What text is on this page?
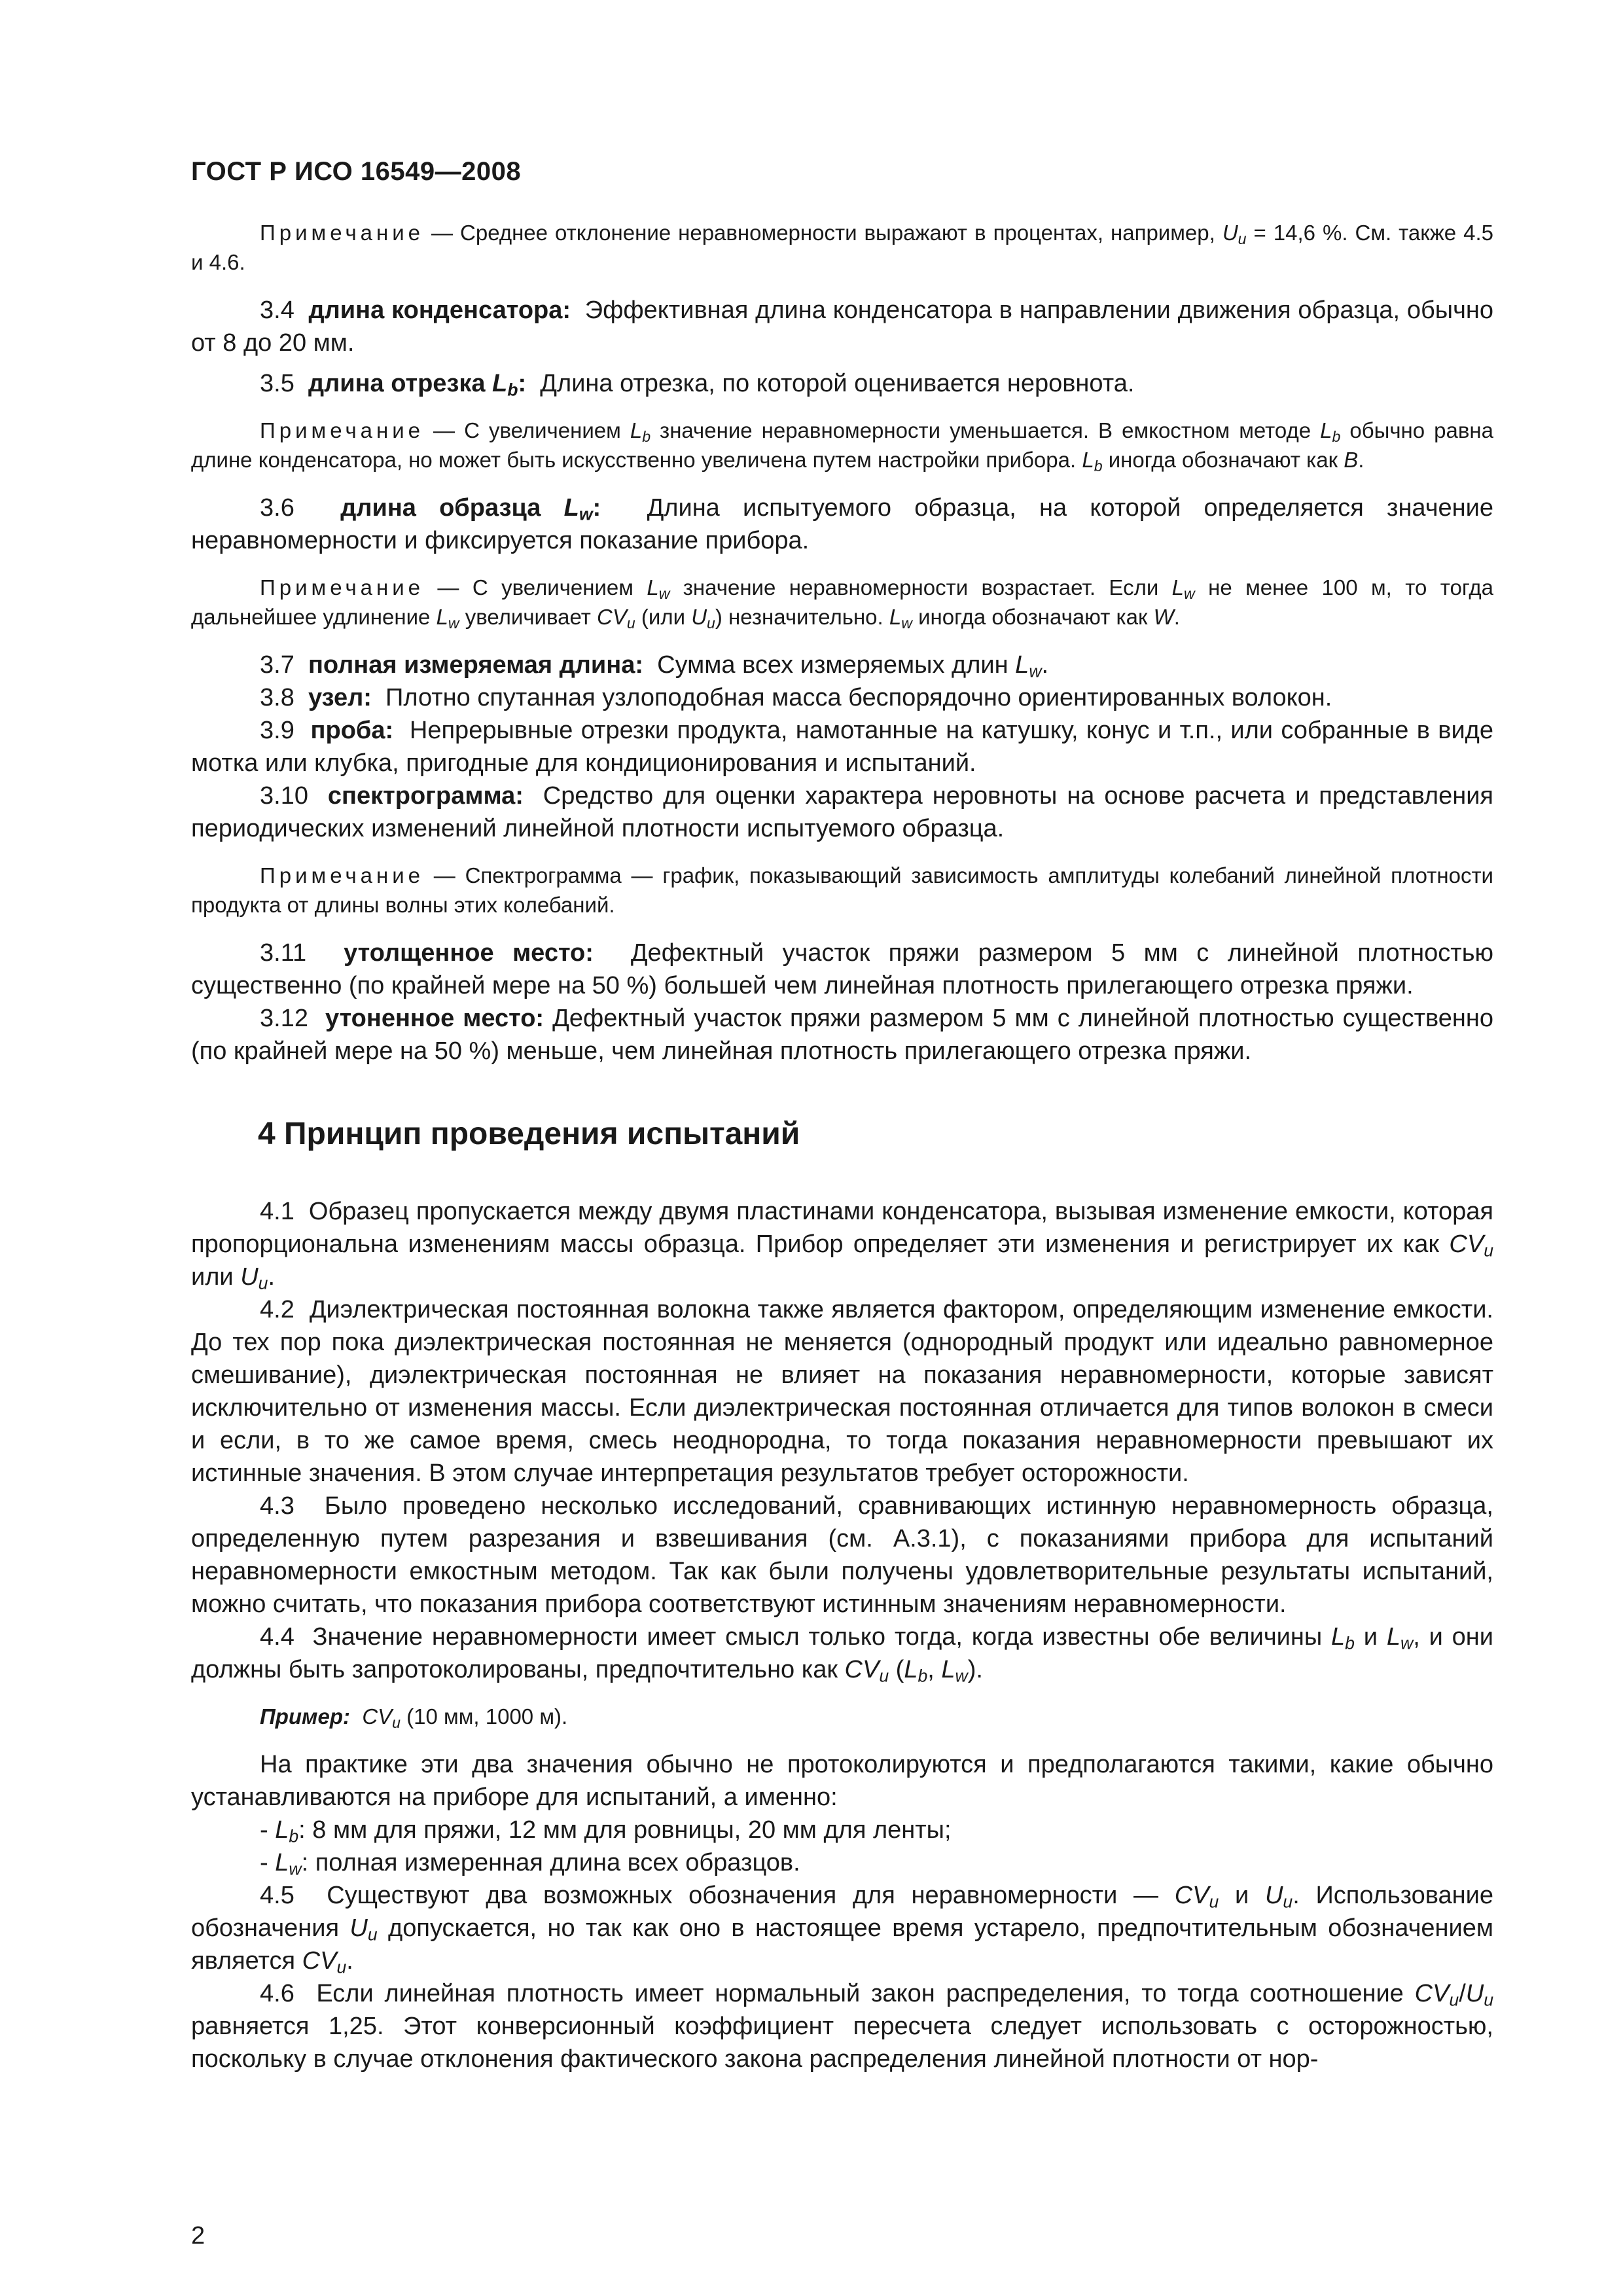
ГОСТ Р ИСО 16549—2008

Примечание — Среднее отклонение неравномерности выражают в процентах, например, $U_u = 14,6$ %. См. также 4.5 и 4.6.

3.4 длина конденсатора: Эффективная длина конденсатора в направлении движения образца, обычно от 8 до 20 мм.

3.5 длина отрезка $L_b$: Длина отрезка, по которой оценивается неровнота.

Примечание — С увеличением $L_b$ значение неравномерности уменьшается. В емкостном методе $L_b$ обычно равна длине конденсатора, но может быть искусственно увеличена путем настройки прибора. $L_b$ иногда обозначают как B.

3.6 длина образца $L_w$: Длина испытуемого образца, на которой определяется значение неравномерности и фиксируется показание прибора.

Примечание — С увеличением $L_w$ значение неравномерности возрастает. Если $L_w$ не менее 100 м, то тогда дальнейшее удлинение $L_w$ увеличивает $CV_u$ (или $U_u$) незначительно. $L_w$ иногда обозначают как W.

3.7 полная измеряемая длина: Сумма всех измеряемых длин $L_w$.

3.8 узел: Плотно спутанная узлоподобная масса беспорядочно ориентированных волокон.

3.9 проба: Непрерывные отрезки продукта, намотанные на катушку, конус и т.п., или собранные в виде мотка или клубка, пригодные для кондиционирования и испытаний.

3.10 спектрограмма: Средство для оценки характера неровноты на основе расчета и представления периодических изменений линейной плотности испытуемого образца.

Примечание — Спектрограмма — график, показывающий зависимость амплитуды колебаний линейной плотности продукта от длины волны этих колебаний.

3.11 утолщенное место: Дефектный участок пряжи размером 5 мм с линейной плотностью существенно (по крайней мере на 50 %) большей чем линейная плотность прилегающего отрезка пряжи.

3.12 утоненное место: Дефектный участок пряжи размером 5 мм с линейной плотностью существенно (по крайней мере на 50 %) меньше, чем линейная плотность прилегающего отрезка пряжи.

4 Принцип проведения испытаний

4.1 Образец пропускается между двумя пластинами конденсатора, вызывая изменение емкости, которая пропорциональна изменениям массы образца. Прибор определяет эти изменения и регистрирует их как $CV_u$ или $U_u$.

4.2 Диэлектрическая постоянная волокна также является фактором, определяющим изменение емкости. До тех пор пока диэлектрическая постоянная не меняется (однородный продукт или идеально равномерное смешивание), диэлектрическая постоянная не влияет на показания неравномерности, которые зависят исключительно от изменения массы. Если диэлектрическая постоянная отличается для типов волокон в смеси и если, в то же самое время, смесь неоднородна, то тогда показания неравномерности превышают их истинные значения. В этом случае интерпретация результатов требует осторожности.

4.3 Было проведено несколько исследований, сравнивающих истинную неравномерность образца, определенную путем разрезания и взвешивания (см. А.3.1), с показаниями прибора для испытаний неравномерности емкостным методом. Так как были получены удовлетворительные результаты испытаний, можно считать, что показания прибора соответствуют истинным значениям неравномерности.

4.4 Значение неравномерности имеет смысл только тогда, когда известны обе величины $L_b$ и $L_w$, и они должны быть запротоколированы, предпочтительно как $CV_u$ ($L_b$, $L_w$).

Пример: $CV_u$ (10 мм, 1000 м).

На практике эти два значения обычно не протоколируются и предполагаются такими, какие обычно устанавливаются на приборе для испытаний, а именно:

- $L_b$: 8 мм для пряжи, 12 мм для ровницы, 20 мм для ленты;
- $L_w$: полная измеренная длина всех образцов.

4.5 Существуют два возможных обозначения для неравномерности — $CV_u$ и $U_u$. Использование обозначения $U_u$ допускается, но так как оно в настоящее время устарело, предпочтительным обозначением является $CV_u$.

4.6 Если линейная плотность имеет нормальный закон распределения, то тогда соотношение $CV_u/U_u$ равняется 1,25. Этот конверсионный коэффициент пересчета следует использовать с осторожностью, поскольку в случае отклонения фактического закона распределения линейной плотности от нор-

2
